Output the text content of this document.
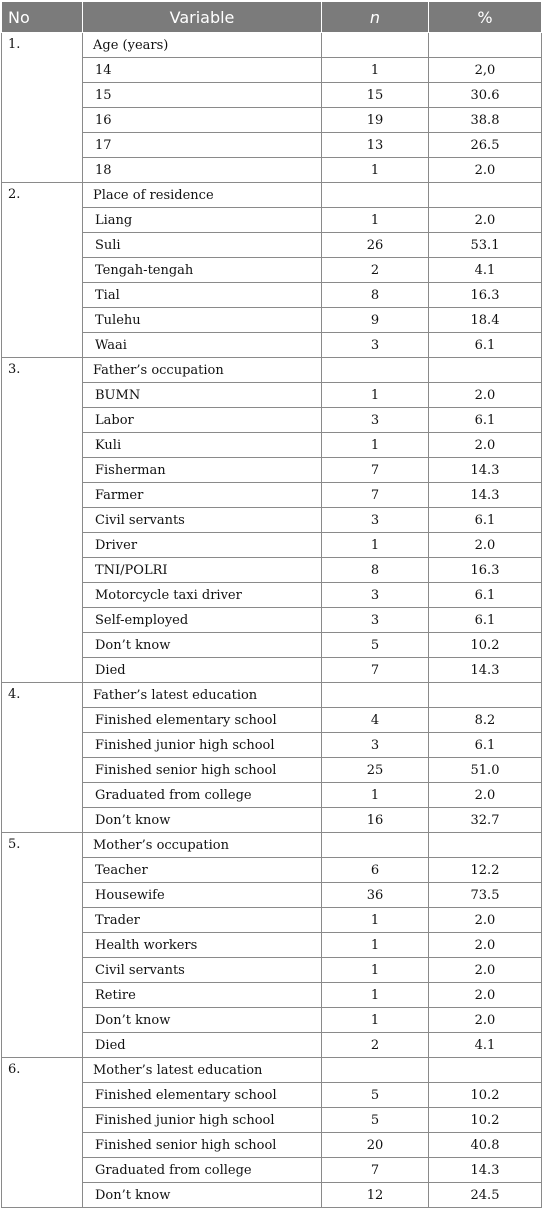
No	Variable	n	%
1.	Age (years)		
	14	1	2,0
	15	15	30.6
	16	19	38.8
	17	13	26.5
	18	1	2.0
2.	Place of residence		
	Liang	1	2.0
	Suli	26	53.1
	Tengah-tengah	2	4.1
	Tial	8	16.3
	Tulehu	9	18.4
	Waai	3	6.1
3.	Father’s occupation		
	BUMN	1	2.0
	Labor	3	6.1
	Kuli	1	2.0
	Fisherman	7	14.3
	Farmer	7	14.3
	Civil servants	3	6.1
	Driver	1	2.0
	TNI/POLRI	8	16.3
	Motorcycle taxi driver	3	6.1
	Self-employed	3	6.1
	Don’t know	5	10.2
	Died	7	14.3
4.	Father’s latest education		
	Finished elementary school	4	8.2
	Finished junior high school	3	6.1
	Finished senior high school	25	51.0
	Graduated from college	1	2.0
	Don’t know	16	32.7
5.	Mother’s occupation		
	Teacher	6	12.2
	Housewife	36	73.5
	Trader	1	2.0
	Health workers	1	2.0
	Civil servants	1	2.0
	Retire	1	2.0
	Don’t know	1	2.0
	Died	2	4.1
6.	Mother’s latest education		
	Finished elementary school	5	10.2
	Finished junior high school	5	10.2
	Finished senior high school	20	40.8
	Graduated from college	7	14.3
	Don’t know	12	24.5
